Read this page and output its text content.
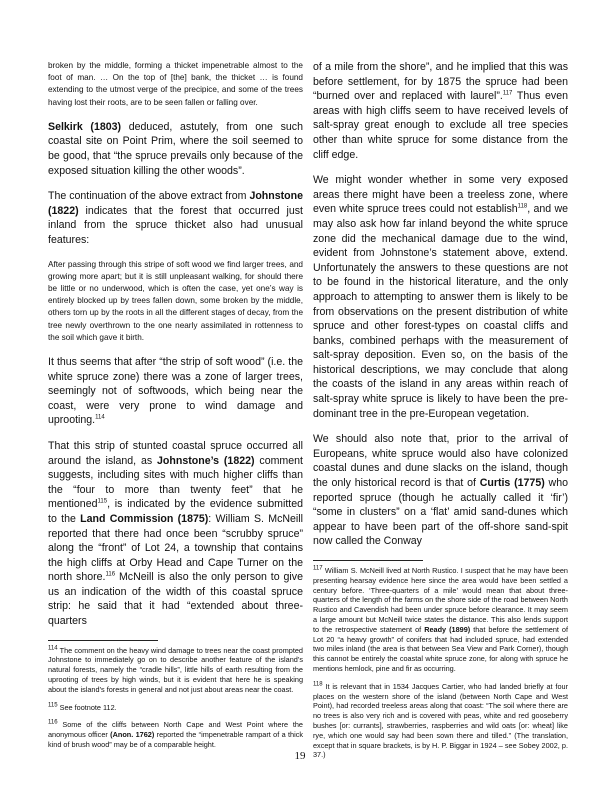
broken by the middle, forming a thicket impenetrable almost to the foot of man. … On the top of [the] bank, the thicket … is found extending to the utmost verge of the precipice, and some of the trees having lost their roots, are to be seen fallen or falling over.

Selkirk (1803) deduced, astutely, from one such coastal site on Point Prim, where the soil seemed to be good, that “the spruce prevails only because of the exposed situation killing the other woods”.

The continuation of the above extract from Johnstone (1822) indicates that the forest that occurred just inland from the spruce thicket also had unusual features:

After passing through this stripe of soft wood we find larger trees, and growing more apart; but it is still unpleasant walking, for should there be little or no underwood, which is often the case, yet one’s way is entirely blocked up by trees fallen down, some broken by the middle, others torn up by the roots in all the different stages of decay, from the tree newly overthrown to the one nearly assimilated in rottenness to the soil which gave it birth.

It thus seems that after “the strip of soft wood” (i.e. the white spruce zone) there was a zone of larger trees, seemingly not of softwoods, which being near the coast, were very prone to wind damage and uprooting.$^{114}$

That this strip of stunted coastal spruce occurred all around the island, as Johnstone’s (1822) comment suggests, including sites with much higher cliffs than the “four to more than twenty feet” that he mentioned$^{115}$, is indicated by the evidence submitted to the Land Commission (1875): William S. McNeill reported that there had once been “scrubby spruce” along the “front” of Lot 24, a township that contains the high cliffs at Orby Head and Cape Turner on the north shore.$^{116}$ McNeill is also the only person to give us an indication of the width of this coastal spruce strip: he said that it had “extended about three-quarters

$^{114}$ The comment on the heavy wind damage to trees near the coast prompted Johnstone to immediately go on to describe another feature of the island’s natural forests, namely the “cradle hills”, little hills of earth resulting from the uprooting of trees by high winds, but it is evident that here he is speaking about the island’s forests in general and not just about areas near the coast.

$^{115}$ See footnote 112.

$^{116}$ Some of the cliffs between North Cape and West Point where the anonymous officer (Anon. 1762) reported the “impenetrable rampart of a thick kind of brush wood” may be of a comparable height.

of a mile from the shore”, and he implied that this was before settlement, for by 1875 the spruce had been “burned over and replaced with laurel”.$^{117}$ Thus even areas with high cliffs seem to have received levels of salt-spray great enough to exclude all tree species other than white spruce for some distance from the cliff edge.

We might wonder whether in some very exposed areas there might have been a treeless zone, where even white spruce trees could not establish$^{118}$, and we may also ask how far inland beyond the white spruce zone did the mechanical damage due to the wind, evident from Johnstone’s statement above, extend. Unfortunately the answers to these questions are not to be found in the historical literature, and the only approach to attempting to answer them is likely to be from observations on the present distribution of white spruce and other forest-types on coastal cliffs and banks, combined perhaps with the measurement of salt-spray deposition. Even so, on the basis of the historical descriptions, we may conclude that along the coasts of the island in any areas within reach of salt-spray white spruce is likely to have been the pre-dominant tree in the pre-European vegetation.

We should also note that, prior to the arrival of Europeans, white spruce would also have colonized coastal dunes and dune slacks on the island, though the only historical record is that of Curtis (1775) who reported spruce (though he actually called it ‘fir’) “some in clusters” on a ‘flat’ amid sand-dunes which appear to have been part of the off-shore sand-spit now called the Conway

$^{117}$ William S. McNeill lived at North Rustico. I suspect that he may have been presenting hearsay evidence here since the area would have been settled a century before. ‘Three-quarters of a mile’ would mean that about three-quarters of the length of the farms on the shore side of the road between North Rustico and Cavendish had been under spruce before clearance. It may seem a large amount but McNeill twice states the distance. This also lends support to the retrospective statement of Ready (1899) that before the settlement of Lot 20 “a heavy growth” of conifers that had included spruce, had extended two miles inland (the area is that between Sea View and Park Corner), though this cannot be entirely the coastal white spruce zone, for along with spruce he mentions hemlock, pine and fir as occurring.

$^{118}$ It is relevant that in 1534 Jacques Cartier, who had landed briefly at four places on the western shore of the island (between North Cape and West Point), had recorded treeless areas along that coast: “The soil where there are no trees is also very rich and is covered with peas, white and red gooseberry bushes [or: currants], strawberries, raspberries and wild oats [or: wheat] like rye, which one would say had been sown there and tilled.” (The translation, except that in square brackets, is by H. P. Biggar in 1924 – see Sobey 2002, p. 37.)

19
